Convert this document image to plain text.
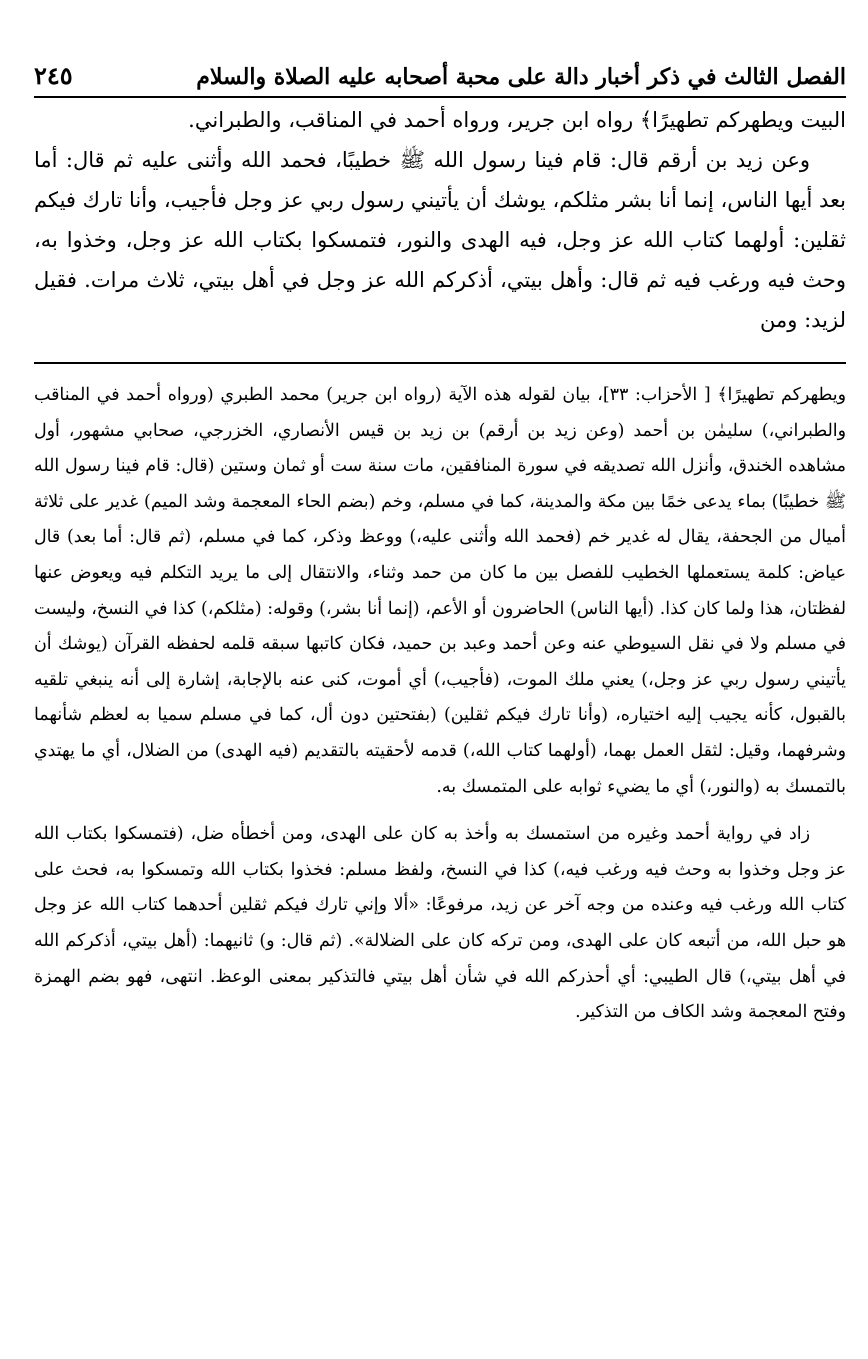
الفصل الثالث في ذكر أخبار دالة على محبة أصحابه عليه الصلاة والسلام
٢٤٥

البيت ويطهركم تطهيرًا﴾ رواه ابن جرير، ورواه أحمد في المناقب، والطبراني.

وعن زيد بن أرقم قال: قام فينا رسول الله ﷺ خطيبًا، فحمد الله وأثنى عليه ثم قال: أما بعد أيها الناس، إنما أنا بشر مثلكم، يوشك أن يأتيني رسول ربي عز وجل فأجيب، وأنا تارك فيكم ثقلين: أولهما كتاب الله عز وجل، فيه الهدى والنور، فتمسكوا بكتاب الله عز وجل، وخذوا به، وحث فيه ورغب فيه ثم قال: وأهل بيتي، أذكركم الله عز وجل في أهل بيتي، ثلاث مرات. فقيل لزيد: ومن

ويطهركم تطهيرًا﴾ [ الأحزاب: ٣٣]، بيان لقوله هذه الآية (رواه ابن جرير) محمد الطبري (ورواه أحمد في المناقب والطبراني،) سليمٰن بن أحمد (وعن زيد بن أرقم) بن زيد بن قيس الأنصاري، الخزرجي، صحابي مشهور، أول مشاهده الخندق، وأنزل الله تصديقه في سورة المنافقين، مات سنة ست أو ثمان وستين (قال: قام فينا رسول الله ﷺ خطيبًا) بماء يدعى خمًا بين مكة والمدينة، كما في مسلم، وخم (بضم الحاء المعجمة وشد الميم) غدير على ثلاثة أميال من الجحفة، يقال له غدير خم (فحمد الله وأثنى عليه،) ووعظ وذكر، كما في مسلم، (ثم قال: أما بعد) قال عياض: كلمة يستعملها الخطيب للفصل بين ما كان من حمد وثناء، والانتقال إلى ما يريد التكلم فيه ويعوض عنها لفظتان، هذا ولما كان كذا. (أيها الناس) الحاضرون أو الأعم، (إنما أنا بشر،) وقوله: (مثلكم،) كذا في النسخ، وليست في مسلم ولا في نقل السيوطي عنه وعن أحمد وعبد بن حميد، فكان كاتبها سبقه قلمه لحفظه القرآن (يوشك أن يأتيني رسول ربي عز وجل،) يعني ملك الموت، (فأجيب،) أي أموت، كنى عنه بالإجابة، إشارة إلى أنه ينبغي تلقيه بالقبول، كأنه يجيب إليه اختياره، (وأنا تارك فيكم ثقلين) (بفتحتين دون أل، كما في مسلم سميا به لعظم شأنهما وشرفهما، وقيل: لثقل العمل بهما، (أولهما كتاب الله،) قدمه لأحقيته بالتقديم (فيه الهدى) من الضلال، أي ما يهتدي بالتمسك به (والنور،) أي ما يضيء ثوابه على المتمسك به.

زاد في رواية أحمد وغيره من استمسك به وأخذ به كان على الهدى، ومن أخطأه ضل، (فتمسكوا بكتاب الله عز وجل وخذوا به وحث فيه ورغب فيه،) كذا في النسخ، ولفظ مسلم: فخذوا بكتاب الله وتمسكوا به، فحث على كتاب الله ورغب فيه وعنده من وجه آخر عن زيد، مرفوعًا: «ألا وإني تارك فيكم ثقلين أحدهما كتاب الله عز وجل هو حبل الله، من أتبعه كان على الهدى، ومن تركه كان على الضلالة». (ثم قال: و) ثانيهما: (أهل بيتي، أذكركم الله في أهل بيتي،) قال الطيبي: أي أحذركم الله في شأن أهل بيتي فالتذكير بمعنى الوعظ. انتهى، فهو بضم الهمزة وفتح المعجمة وشد الكاف من التذكير.
